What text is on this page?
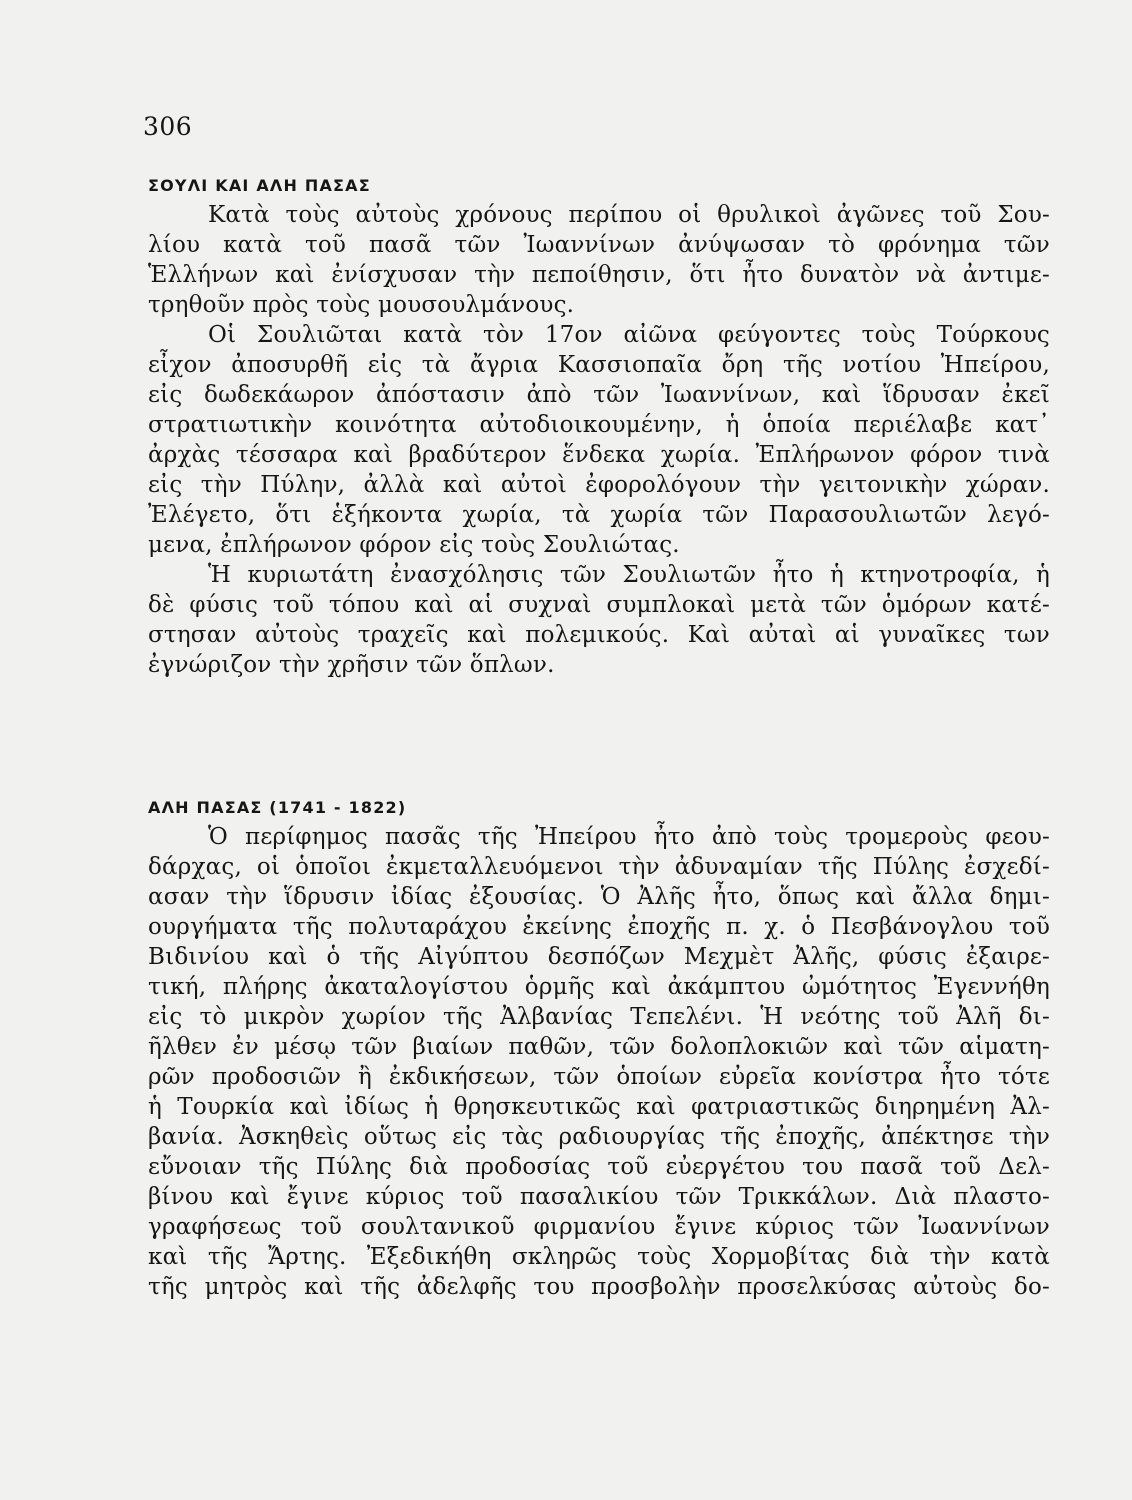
306
ΣΟΥΛΙ ΚΑΙ ΑΛΗ ΠΑΣΑΣ
Κατὰ τοὺς αὐτοὺς χρόνους περίπου οἱ θρυλικοὶ ἀγῶνες τοῦ Σου-
λίου κατὰ τοῦ πασᾶ τῶν Ἰωαννίνων ἀνύψωσαν τὸ φρόνημα τῶν
Ἑλλήνων καὶ ἐνίσχυσαν τὴν πεποίθησιν, ὅτι ἦτο δυνατὸν νὰ ἀντιμε-
τρηθοῦν πρὸς τοὺς μουσουλμάνους.
Οἱ Σουλιῶται κατὰ τὸν 17ον αἰῶνα φεύγοντες τοὺς Τούρκους
εἶχον ἀποσυρθῆ εἰς τὰ ἄγρια Κασσιοπαῖα ὄρη τῆς νοτίου Ἠπείρου,
εἰς δωδεκάωρον ἀπόστασιν ἀπὸ τῶν Ἰωαννίνων, καὶ ἵδρυσαν ἐκεῖ
στρατιωτικὴν κοινότητα αὐτοδιοικουμένην, ἡ ὁποία περιέλαβε κατ᾿
ἀρχὰς τέσσαρα καὶ βραδύτερον ἕνδεκα χωρία. Ἐπλήρωνον φόρον τινὰ
εἰς τὴν Πύλην, ἀλλὰ καὶ αὐτοὶ ἐφορολόγουν τὴν γειτονικὴν χώραν.
Ἐλέγετο, ὅτι ἑξήκοντα χωρία, τὰ χωρία τῶν Παρασουλιωτῶν λεγό-
μενα, ἐπλήρωνον φόρον εἰς τοὺς Σουλιώτας.
Ἡ κυριωτάτη ἐνασχόλησις τῶν Σουλιωτῶν ἦτο ἡ κτηνοτροφία, ἡ
δὲ φύσις τοῦ τόπου καὶ αἱ συχναὶ συμπλοκαὶ μετὰ τῶν ὁμόρων κατέ-
στησαν αὐτοὺς τραχεῖς καὶ πολεμικούς. Καὶ αὐταὶ αἱ γυναῖκες των
ἐγνώριζον τὴν χρῆσιν τῶν ὅπλων.
ΑΛΗ ΠΑΣΑΣ (1741 - 1822)
Ὁ περίφημος πασᾶς τῆς Ἠπείρου ἦτο ἀπὸ τοὺς τρομεροὺς φεου-
δάρχας, οἱ ὁποῖοι ἐκμεταλλευόμενοι τὴν ἀδυναμίαν τῆς Πύλης ἐσχεδί-
ασαν τὴν ἵδρυσιν ἰδίας ἐξουσίας. Ὁ Ἀλῆς ἦτο, ὅπως καὶ ἄλλα δημι-
ουργήματα τῆς πολυταράχου ἐκείνης ἐποχῆς π. χ. ὁ Πεσβάνογλου τοῦ
Βιδινίου καὶ ὁ τῆς Αἰγύπτου δεσπόζων Μεχμὲτ Ἀλῆς, φύσις ἐξαιρε-
τική, πλήρης ἀκαταλογίστου ὁρμῆς καὶ ἀκάμπτου ὠμότητος Ἐγεννήθη
εἰς τὸ μικρὸν χωρίον τῆς Ἀλβανίας Τεπελένι. Ἡ νεότης τοῦ Ἀλῆ δι-
ῆλθεν ἐν μέσῳ τῶν βιαίων παθῶν, τῶν δολοπλοκιῶν καὶ τῶν αἱματη-
ρῶν προδοσιῶν ἢ ἐκδικήσεων, τῶν ὁποίων εὐρεῖα κονίστρα ἦτο τότε
ἡ Τουρκία καὶ ἰδίως ἡ θρησκευτικῶς καὶ φατριαστικῶς διηρημένη Ἀλ-
βανία. Ἀσκηθεὶς οὕτως εἰς τὰς ραδιουργίας τῆς ἐποχῆς, ἀπέκτησε τὴν
εὔνοιαν τῆς Πύλης διὰ προδοσίας τοῦ εὐεργέτου του πασᾶ τοῦ Δελ-
βίνου καὶ ἔγινε κύριος τοῦ πασαλικίου τῶν Τρικκάλων. Διὰ πλαστο-
γραφήσεως τοῦ σουλτανικοῦ φιρμανίου ἔγινε κύριος τῶν Ἰωαννίνων
καὶ τῆς Ἄρτης. Ἐξεδικήθη σκληρῶς τοὺς Χορμοβίτας διὰ τὴν κατὰ
τῆς μητρὸς καὶ τῆς ἀδελφῆς του προσβολὴν προσελκύσας αὐτοὺς δο-
